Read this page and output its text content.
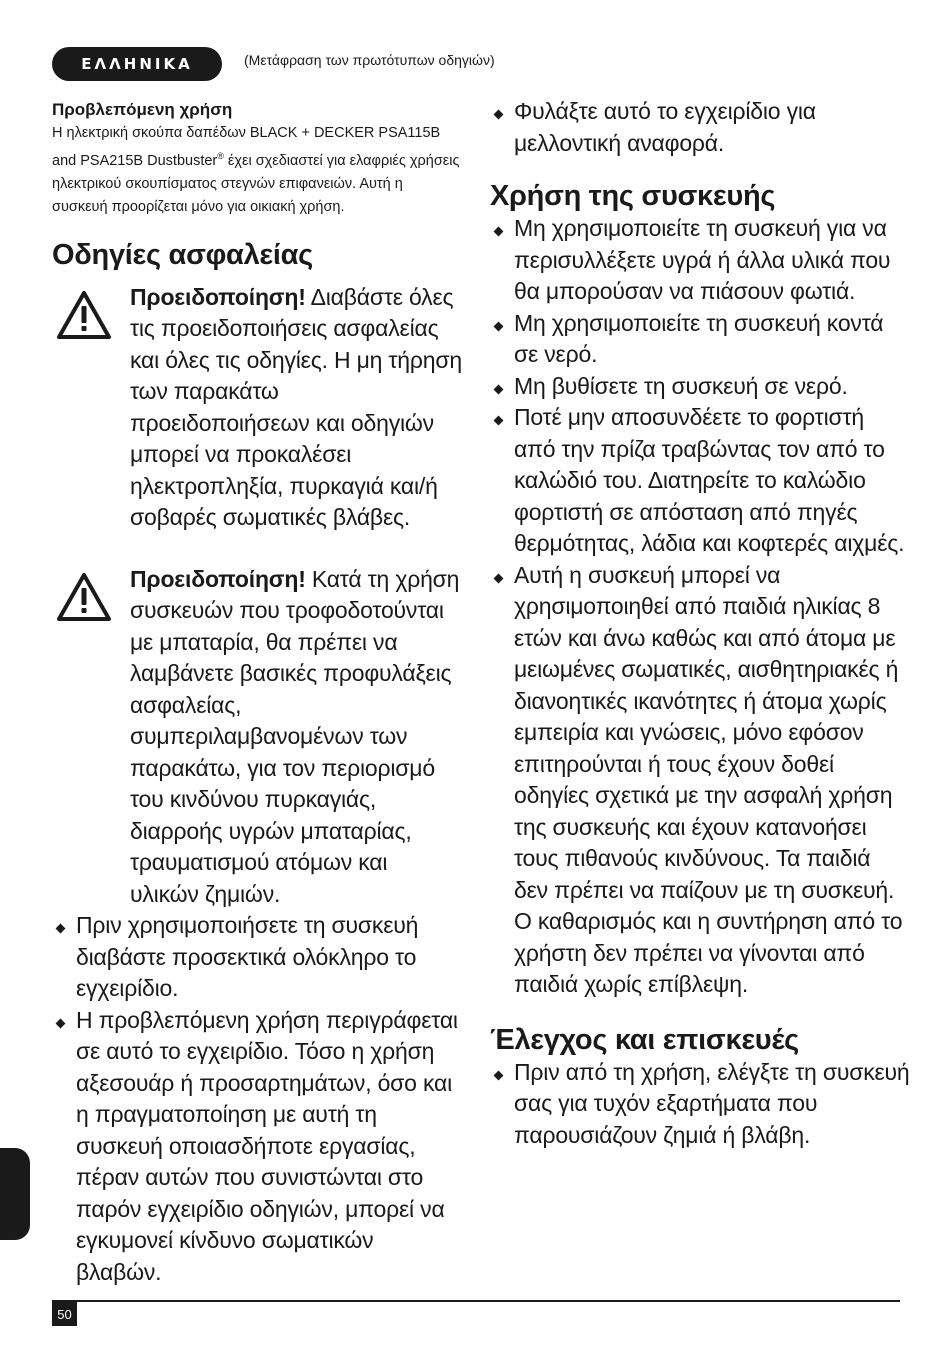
ΕΛΛΗΝΙΚΑ	(Μετάφραση των πρωτότυπων οδηγιών)

Προβλεπόμενη χρήση

Η ηλεκτρική σκούπα δαπέδων BLACK + DECKER PSA115B and PSA215B Dustbuster® έχει σχεδιαστεί για ελαφριές χρήσεις ηλεκτρικού σκουπίσματος στεγνών επιφανειών. Αυτή η συσκευή προορίζεται μόνο για οικιακή χρήση.

Οδηγίες ασφαλείας

Προειδοποίηση! Διαβάστε όλες τις προειδοποιήσεις ασφαλείας και όλες τις οδηγίες. Η μη τήρηση των παρακάτω προειδοποιήσεων και οδηγιών μπορεί να προκαλέσει ηλεκτροπληξία, πυρκαγιά και/ή σοβαρές σωματικές βλάβες.

Προειδοποίηση! Κατά τη χρήση συσκευών που τροφοδοτούνται με μπαταρία, θα πρέπει να λαμβάνετε βασικές προφυλάξεις ασφαλείας, συμπεριλαμβανομένων των παρακάτω, για τον περιορισμό του κινδύνου πυρκαγιάς, διαρροής υγρών μπαταρίας, τραυματισμού ατόμων και υλικών ζημιών.

Πριν χρησιμοποιήσετε τη συσκευή διαβάστε προσεκτικά ολόκληρο το εγχειρίδιο.
Η προβλεπόμενη χρήση περιγράφεται σε αυτό το εγχειρίδιο. Τόσο η χρήση αξεσουάρ ή προσαρτημάτων, όσο και η πραγματοποίηση με αυτή τη συσκευή οποιασδήποτε εργασίας, πέραν αυτών που συνιστώνται στο παρόν εγχειρίδιο οδηγιών, μπορεί να εγκυμονεί κίνδυνο σωματικών βλαβών.
Φυλάξτε αυτό το εγχειρίδιο για μελλοντική αναφορά.
Χρήση της συσκευής
Μη χρησιμοποιείτε τη συσκευή για να περισυλλέξετε υγρά ή άλλα υλικά που θα μπορούσαν να πιάσουν φωτιά.
Μη χρησιμοποιείτε τη συσκευή κοντά σε νερό.
Μη βυθίσετε τη συσκευή σε νερό.
Ποτέ μην αποσυνδέετε το φορτιστή από την πρίζα τραβώντας τον από το καλώδιό του. Διατηρείτε το καλώδιο φορτιστή σε απόσταση από πηγές θερμότητας, λάδια και κοφτερές αιχμές.
Αυτή η συσκευή μπορεί να χρησιμοποιηθεί από παιδιά ηλικίας 8 ετών και άνω καθώς και από άτομα με μειωμένες σωματικές, αισθητηριακές ή διανοητικές ικανότητες ή άτομα χωρίς εμπειρία και γνώσεις, μόνο εφόσον επιτηρούνται ή τους έχουν δοθεί οδηγίες σχετικά με την ασφαλή χρήση της συσκευής και έχουν κατανοήσει τους πιθανούς κινδύνους. Τα παιδιά δεν πρέπει να παίζουν με τη συσκευή. Ο καθαρισμός και η συντήρηση από το χρήστη δεν πρέπει να γίνονται από παιδιά χωρίς επίβλεψη.
Έλεγχος και επισκευές
Πριν από τη χρήση, ελέγξτε τη συσκευή σας για τυχόν εξαρτήματα που παρουσιάζουν ζημιά ή βλάβη.
50
